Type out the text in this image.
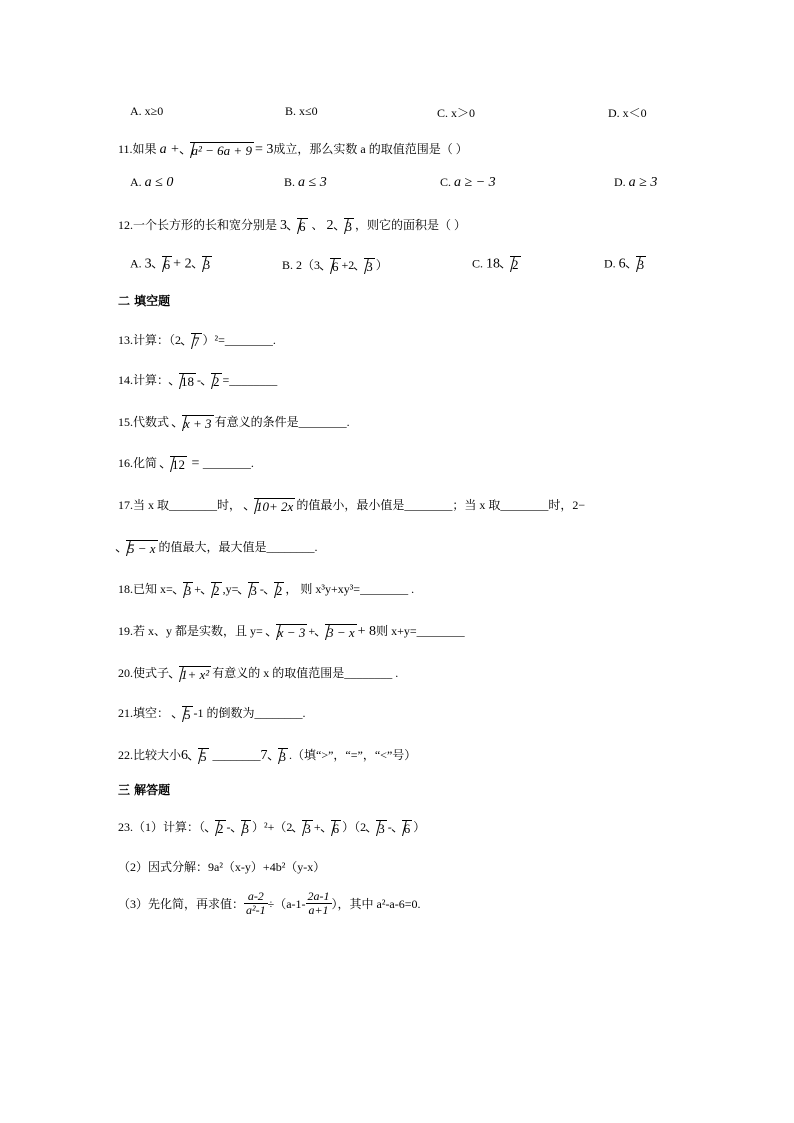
A. x≥0	B. x≤0	C. x＞0	D. x＜0
11.如果 a + a² − 6a + 9 = 3成立，那么实数 a 的取值范围是（ ）
A. a ≤ 0	B. a ≤ 3	C. a ≥ − 3	D. a ≥ 3
12.一个长方形的长和宽分别是 3 6 、 2 3 ，则它的面积是（ ）
A. 3 6 + 2 3	B. 2（3 6 +2 3 ）	C. 18 2	D. 6 3
二 填空题
13.计算：（2 7 ）²=________.
14.计算： 18 - 2 =________
15.代数式 x + 3 有意义的条件是________.
16.化简 12 = ________.
17.当 x 取________时， 10+ 2x 的值最小，最小值是________；当 x 取________时，2−
5 − x 的值最大，最大值是________.
18.已知 x= 3 + 2 ,y= 3 - 2 ， 则 x³y+xy³=________ .
19.若 x、y 都是实数，且 y= x − 3 + 3 − x + 8则 x+y=________
20.使式子 1+ x² 有意义的 x 的取值范围是________ .
21.填空： 5 -1 的倒数为________.
22.比较大小6 5 ________7 3 .（填“>”，“=”，“<”号）
三 解答题
23.（1）计算：（ 2 - 3 ）²+（2 3 + 6 ）（2 3 - 6 ）
（2）因式分解：9a²（x-y）+4b²（y-x）
（3）先化简，再求值： $\frac{a-2}{\text{a²-1}} \div(a-1- \frac{2a-1}{a+1}$ ），其中 a²-a-6=0.
